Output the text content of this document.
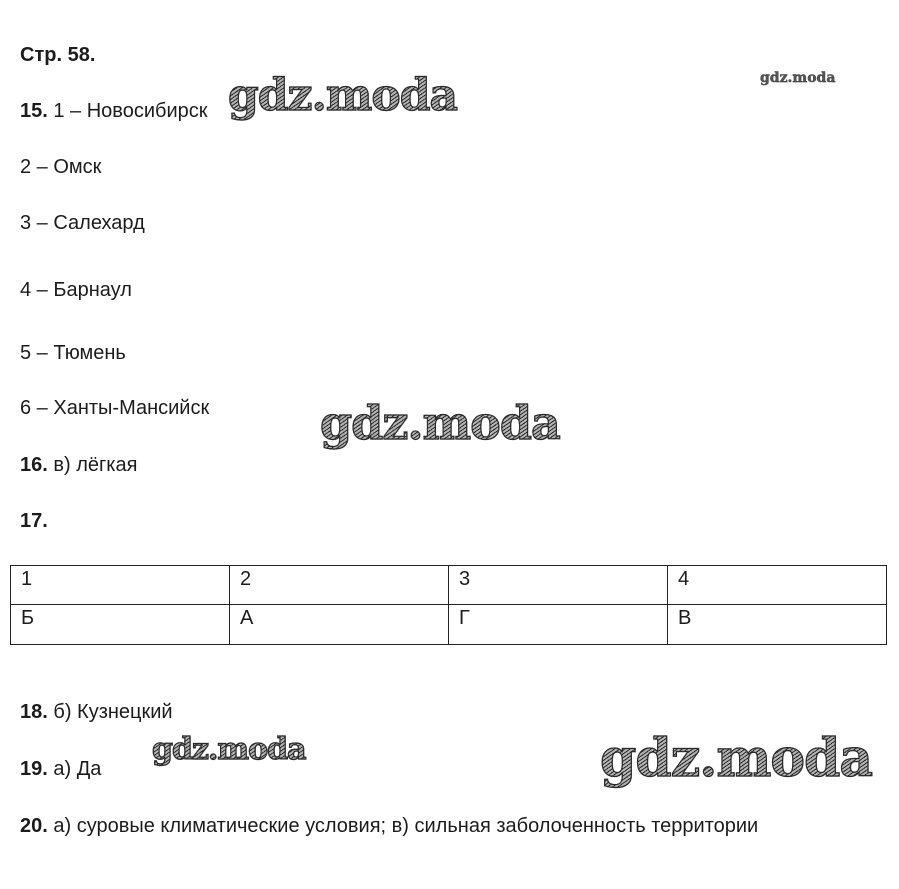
Стр. 58.
15. 1 – Новосибирск
2 – Омск
3 – Салехард
4 – Барнаул
5 – Тюмень
6 – Ханты-Мансийск
16. в) лёгкая
17.
1	2	3	4
Б	А	Г	В
18. б) Кузнецкий
19. а) Да
20. а) суровые климатические условия; в) сильная заболоченность территории
gdz.moda	gdz.moda
gdz.moda
gdz.moda	gdz.moda
